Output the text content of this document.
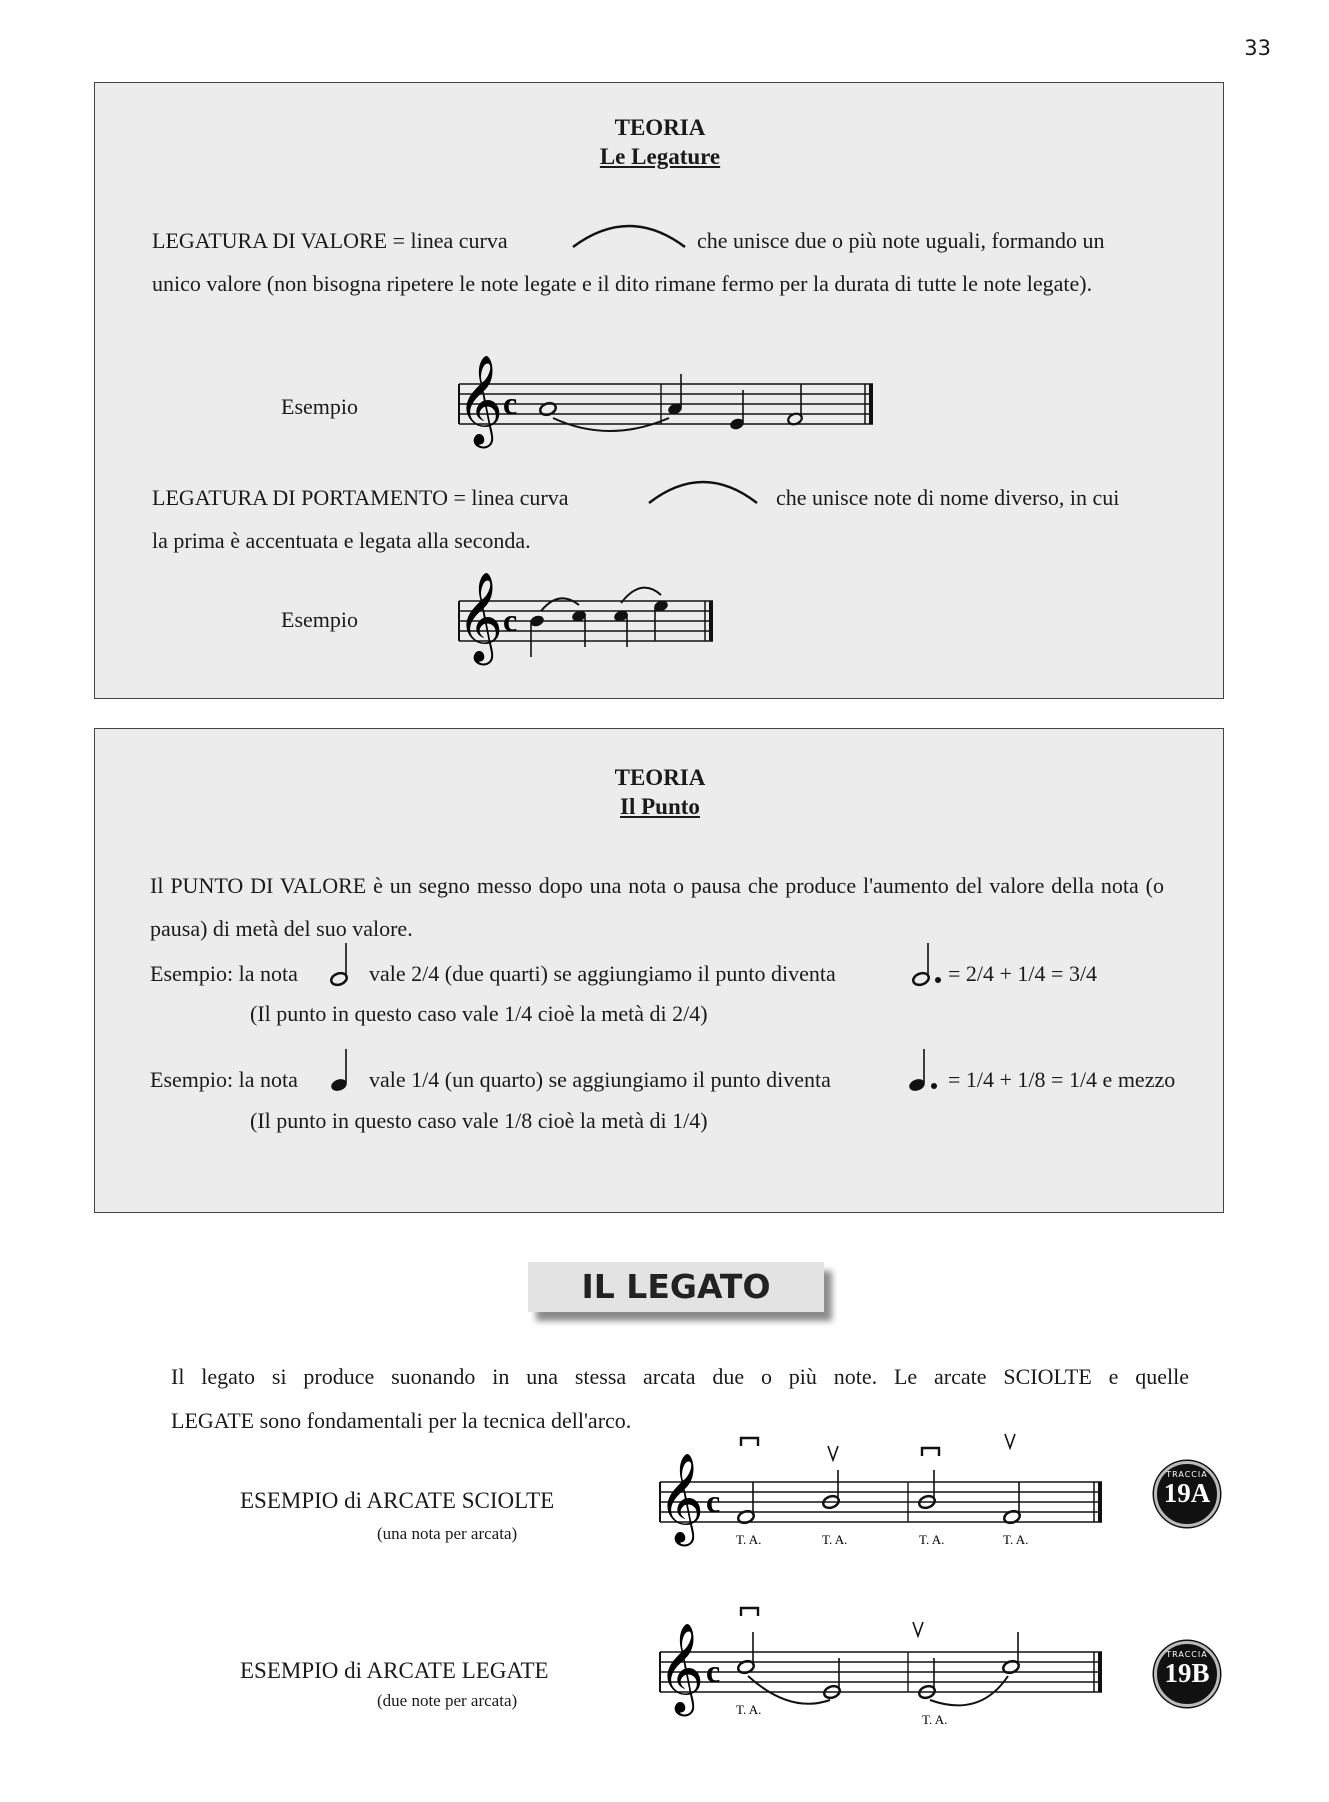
33
TEORIA
Le Legature
LEGATURA DI VALORE = linea curva	che unisce due o più note uguali, formando un
unico valore (non bisogna ripetere le note legate e il dito rimane fermo per la durata di tutte le note legate).
Esempio 𝄞 c
LEGATURA DI PORTAMENTO = linea curva	che unisce note di nome diverso, in cui
la prima è accentuata e legata alla seconda.
Esempio 𝄞 c
TEORIA
Il Punto
Il PUNTO DI VALORE è un segno messo dopo una nota o pausa che produce l'aumento del valore della nota (o pausa) di metà del suo valore.
Esempio: la nota	vale 2/4 (due quarti) se aggiungiamo il punto diventa	= 2/4 + 1/4 = 3/4
(Il punto in questo caso vale 1/4 cioè la metà di 2/4)
Esempio: la nota	vale 1/4 (un quarto) se aggiungiamo il punto diventa	= 1/4 + 1/8 = 1/4 e mezzo
(Il punto in questo caso vale 1/8 cioè la metà di 1/4)
IL LEGATO
Il legato si produce suonando in una stessa arcata due o più note. Le arcate SCIOLTE e quelle
LEGATE sono fondamentali per la tecnica dell'arco.
ESEMPIO di ARCATE SCIOLTE
(una nota per arcata) 𝄞 c
T. A.	T. A.	T. A.	T. A.
TRACCIA
19A
ESEMPIO di ARCATE LEGATE
(due note per arcata) 𝄞 c
T. A.
T. A.
TRACCIA
19B
